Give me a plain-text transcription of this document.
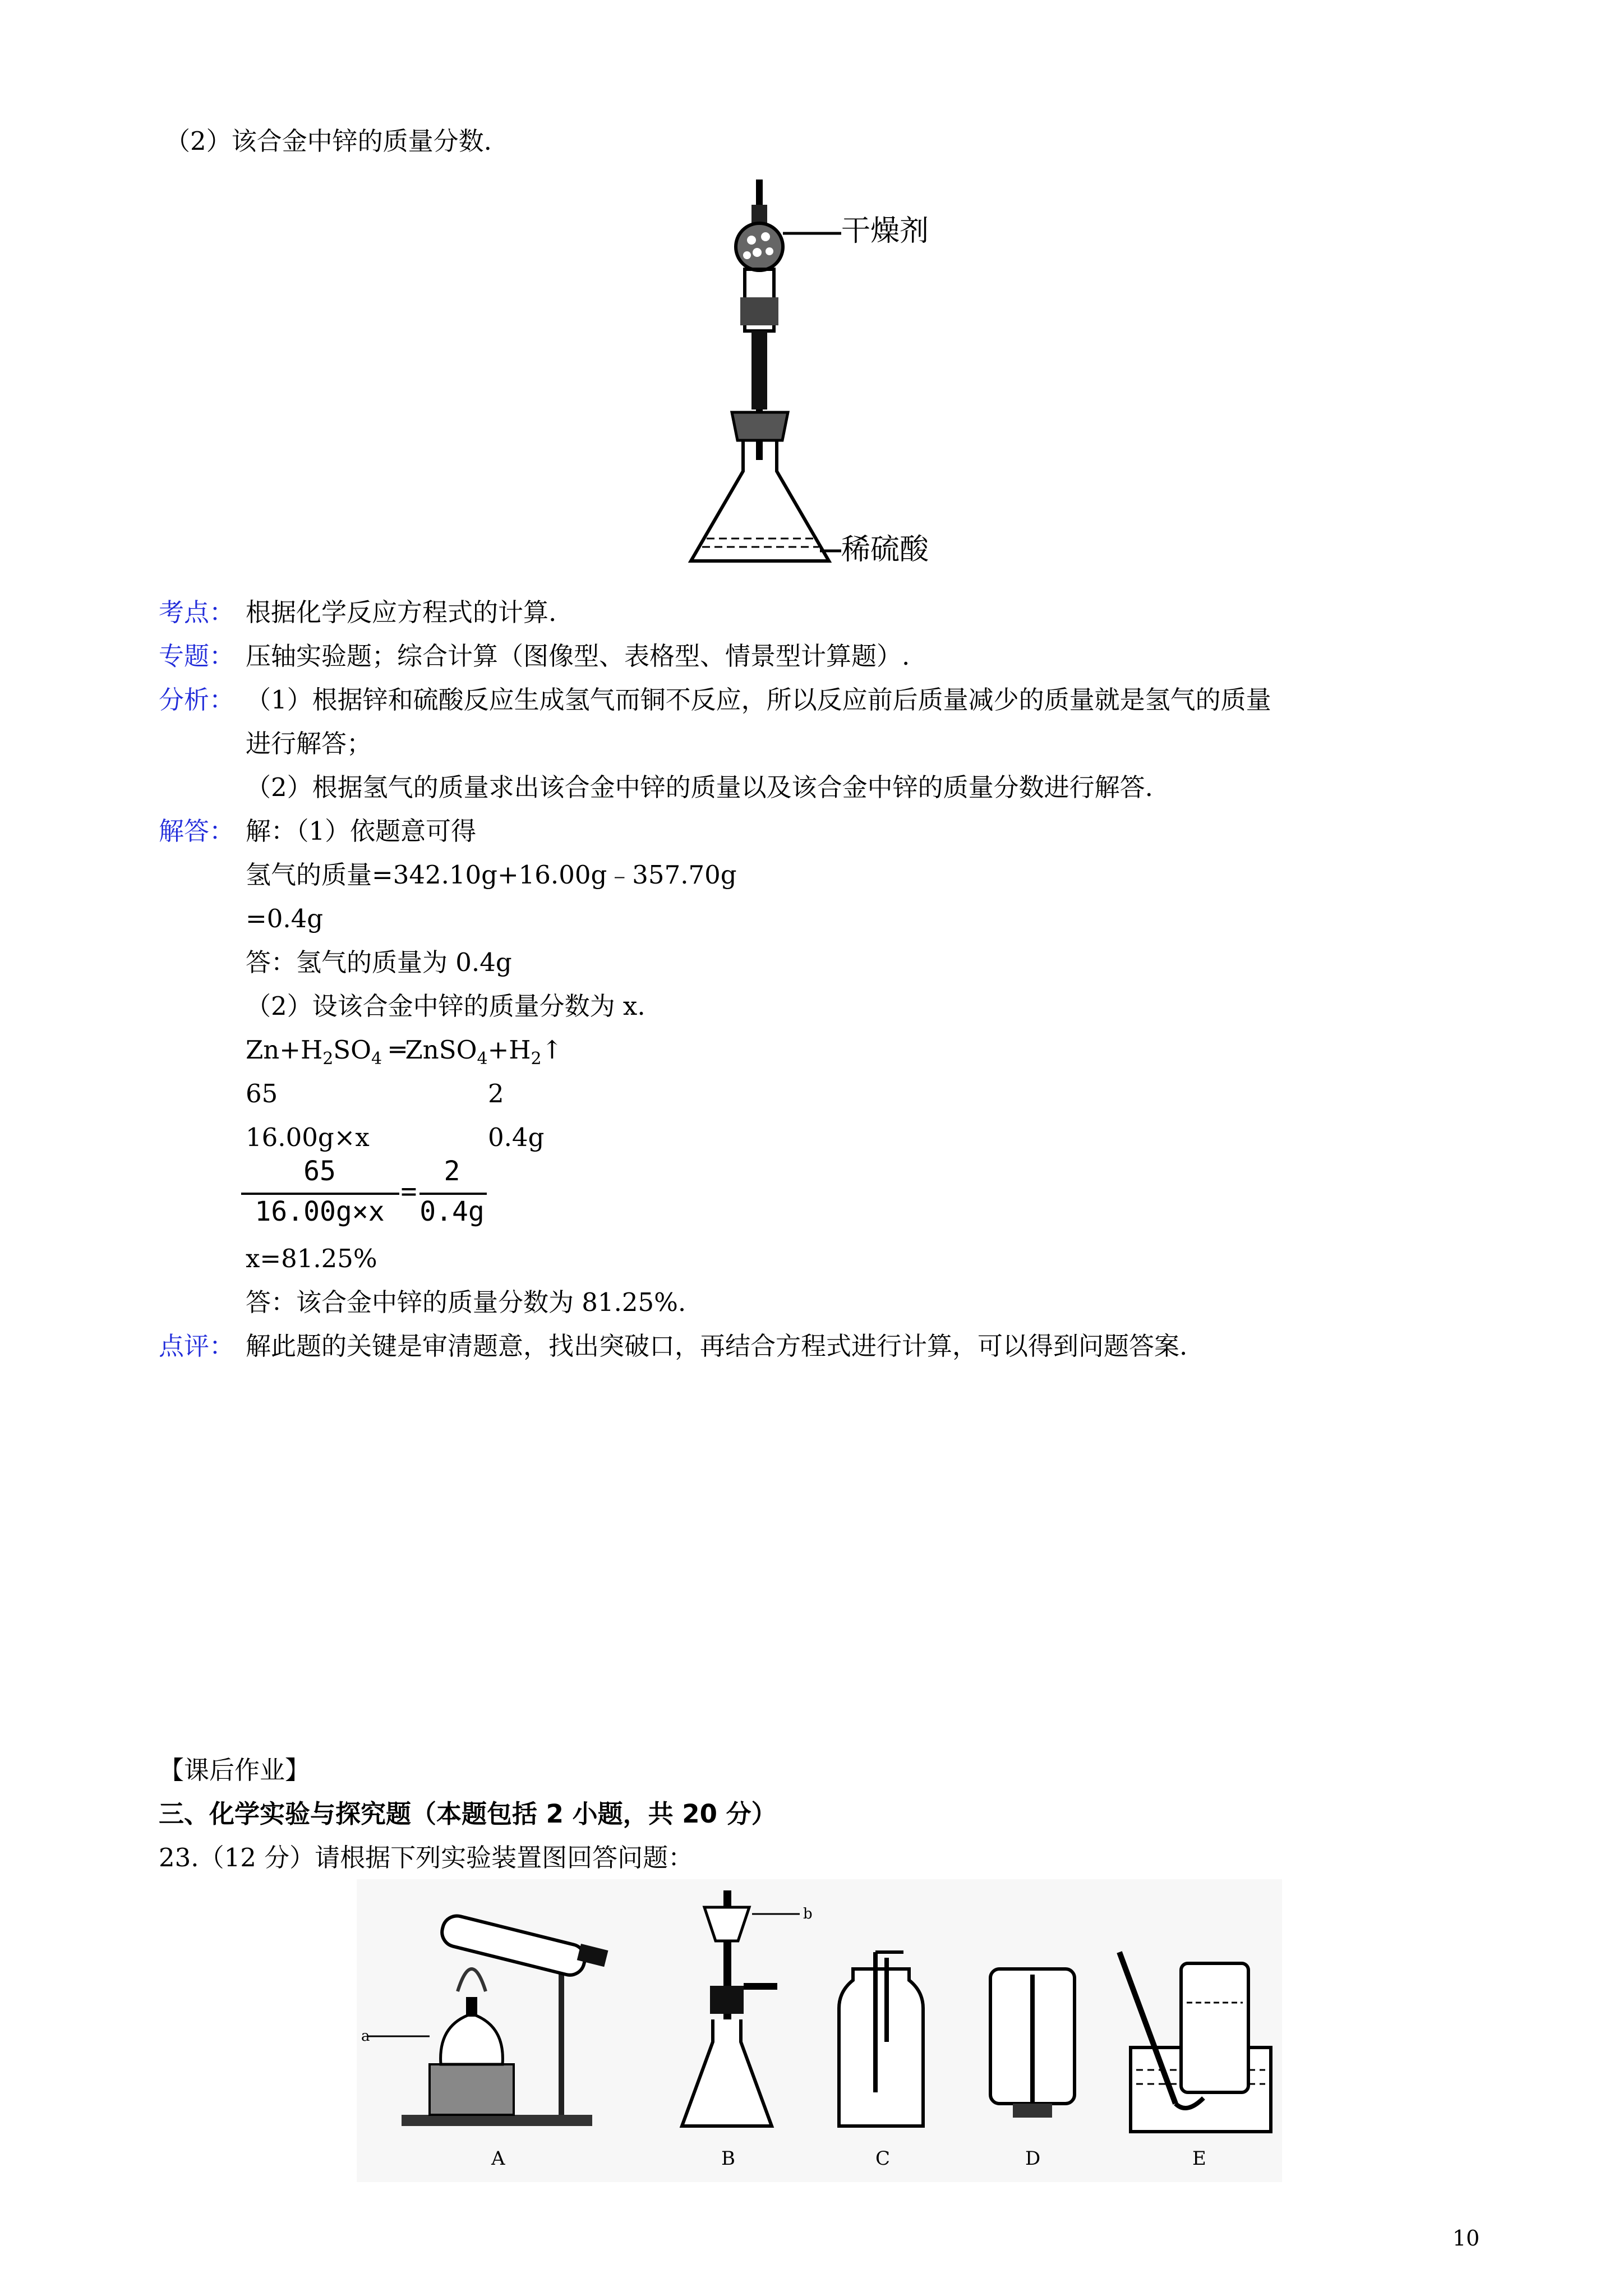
（2）该合金中锌的质量分数.
干燥剂
稀硫酸
考点： 根据化学反应方程式的计算.
专题： 压轴实验题；综合计算（图像型、表格型、情景型计算题）.
分析： （1）根据锌和硫酸反应生成氢气而铜不反应，所以反应前后质量减少的质量就是氢气的质量
进行解答；
（2）根据氢气的质量求出该合金中锌的质量以及该合金中锌的质量分数进行解答.
解答： 解：（1）依题意可得
氢气的质量=342.10g+16.00g﹣357.70g
=0.4g
答：氢气的质量为 0.4g
（2）设该合金中锌的质量分数为 x.
$Zn+H_2SO_4$ $═ZnSO_4+H_2↑$
65	2
16.00g×x	0.4g
65
16.00g×x
=
2
0.4g
x=81.25%
答：该合金中锌的质量分数为 81.25%.
点评： 解此题的关键是审清题意，找出突破口，再结合方程式进行计算，可以得到问题答案.
【课后作业】
三、化学实验与探究题（本题包括 2 小题，共 20 分）
23.（12 分）请根据下列实验装置图回答问题：
a
b
A	B	C	D	E
10
